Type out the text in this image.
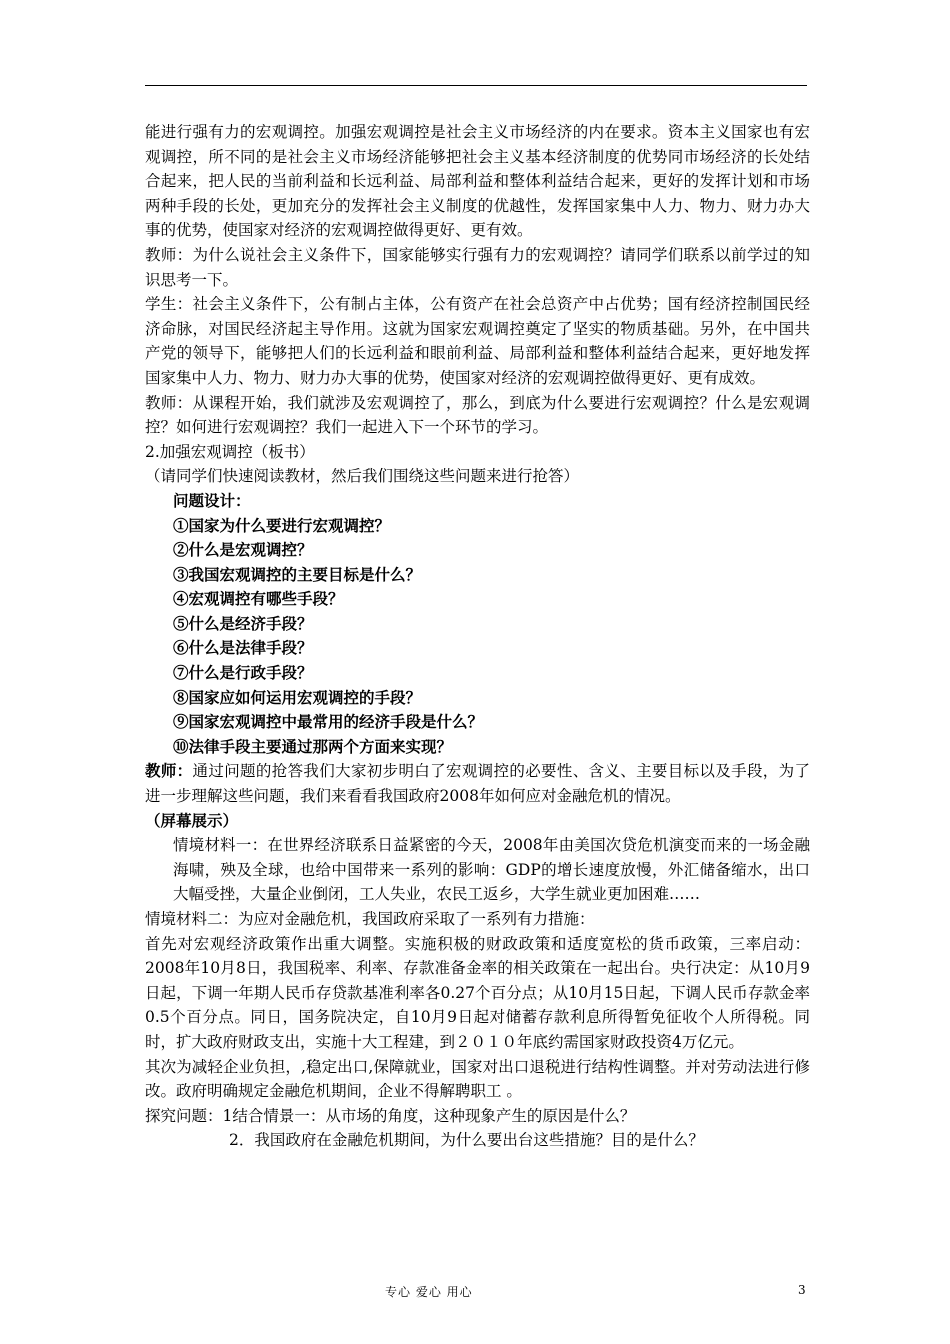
能进行强有力的宏观调控。加强宏观调控是社会主义市场经济的内在要求。资本主义国家也有宏观调控，所不同的是社会主义市场经济能够把社会主义基本经济制度的优势同市场经济的长处结合起来，把人民的当前利益和长远利益、局部利益和整体利益结合起来，更好的发挥计划和市场两种手段的长处，更加充分的发挥社会主义制度的优越性，发挥国家集中人力、物力、财力办大事的优势，使国家对经济的宏观调控做得更好、更有效。

教师：为什么说社会主义条件下，国家能够实行强有力的宏观调控？请同学们联系以前学过的知识思考一下。

学生：社会主义条件下，公有制占主体，公有资产在社会总资产中占优势；国有经济控制国民经济命脉，对国民经济起主导作用。这就为国家宏观调控奠定了坚实的物质基础。另外，在中国共产党的领导下，能够把人们的长远利益和眼前利益、局部利益和整体利益结合起来，更好地发挥国家集中人力、物力、财力办大事的优势，使国家对经济的宏观调控做得更好、更有成效。

教师：从课程开始，我们就涉及宏观调控了，那么，到底为什么要进行宏观调控？什么是宏观调控？如何进行宏观调控？我们一起进入下一个环节的学习。

2.加强宏观调控（板书）

（请同学们快速阅读教材，然后我们围绕这些问题来进行抢答）

问题设计：

①国家为什么要进行宏观调控？

②什么是宏观调控？

③我国宏观调控的主要目标是什么？

④宏观调控有哪些手段？

⑤什么是经济手段？

⑥什么是法律手段？

⑦什么是行政手段？

⑧国家应如何运用宏观调控的手段？

⑨国家宏观调控中最常用的经济手段是什么？

⑩法律手段主要通过那两个方面来实现？

教师：通过问题的抢答我们大家初步明白了宏观调控的必要性、含义、主要目标以及手段，为了进一步理解这些问题，我们来看看我国政府2008年如何应对金融危机的情况。

（屏幕展示）

情境材料一：在世界经济联系日益紧密的今天，2008年由美国次贷危机演变而来的一场金融海啸，殃及全球，也给中国带来一系列的影响：GDP的增长速度放慢，外汇储备缩水，出口大幅受挫，大量企业倒闭，工人失业，农民工返乡，大学生就业更加困难……

情境材料二：为应对金融危机，我国政府采取了一系列有力措施：

首先对宏观经济政策作出重大调整。实施积极的财政政策和适度宽松的货币政策，三率启动：2008年10月8日，我国税率、利率、存款准备金率的相关政策在一起出台。央行决定：从10月9日起，下调一年期人民币存贷款基准利率各0.27个百分点；从10月15日起，下调人民币存款金率0.5个百分点。同日，国务院决定，自10月9日起对储蓄存款利息所得暂免征收个人所得税。同时，扩大政府财政支出，实施十大工程建，到２０１０年底约需国家财政投资4万亿元。

其次为减轻企业负担，,稳定出口,保障就业，国家对出口退税进行结构性调整。并对劳动法进行修改。政府明确规定金融危机期间，企业不得解聘职工 。

探究问题：1结合情景一：从市场的角度，这种现象产生的原因是什么？

2．我国政府在金融危机期间，为什么要出台这些措施？目的是什么？

专心 爱心 用心	3
